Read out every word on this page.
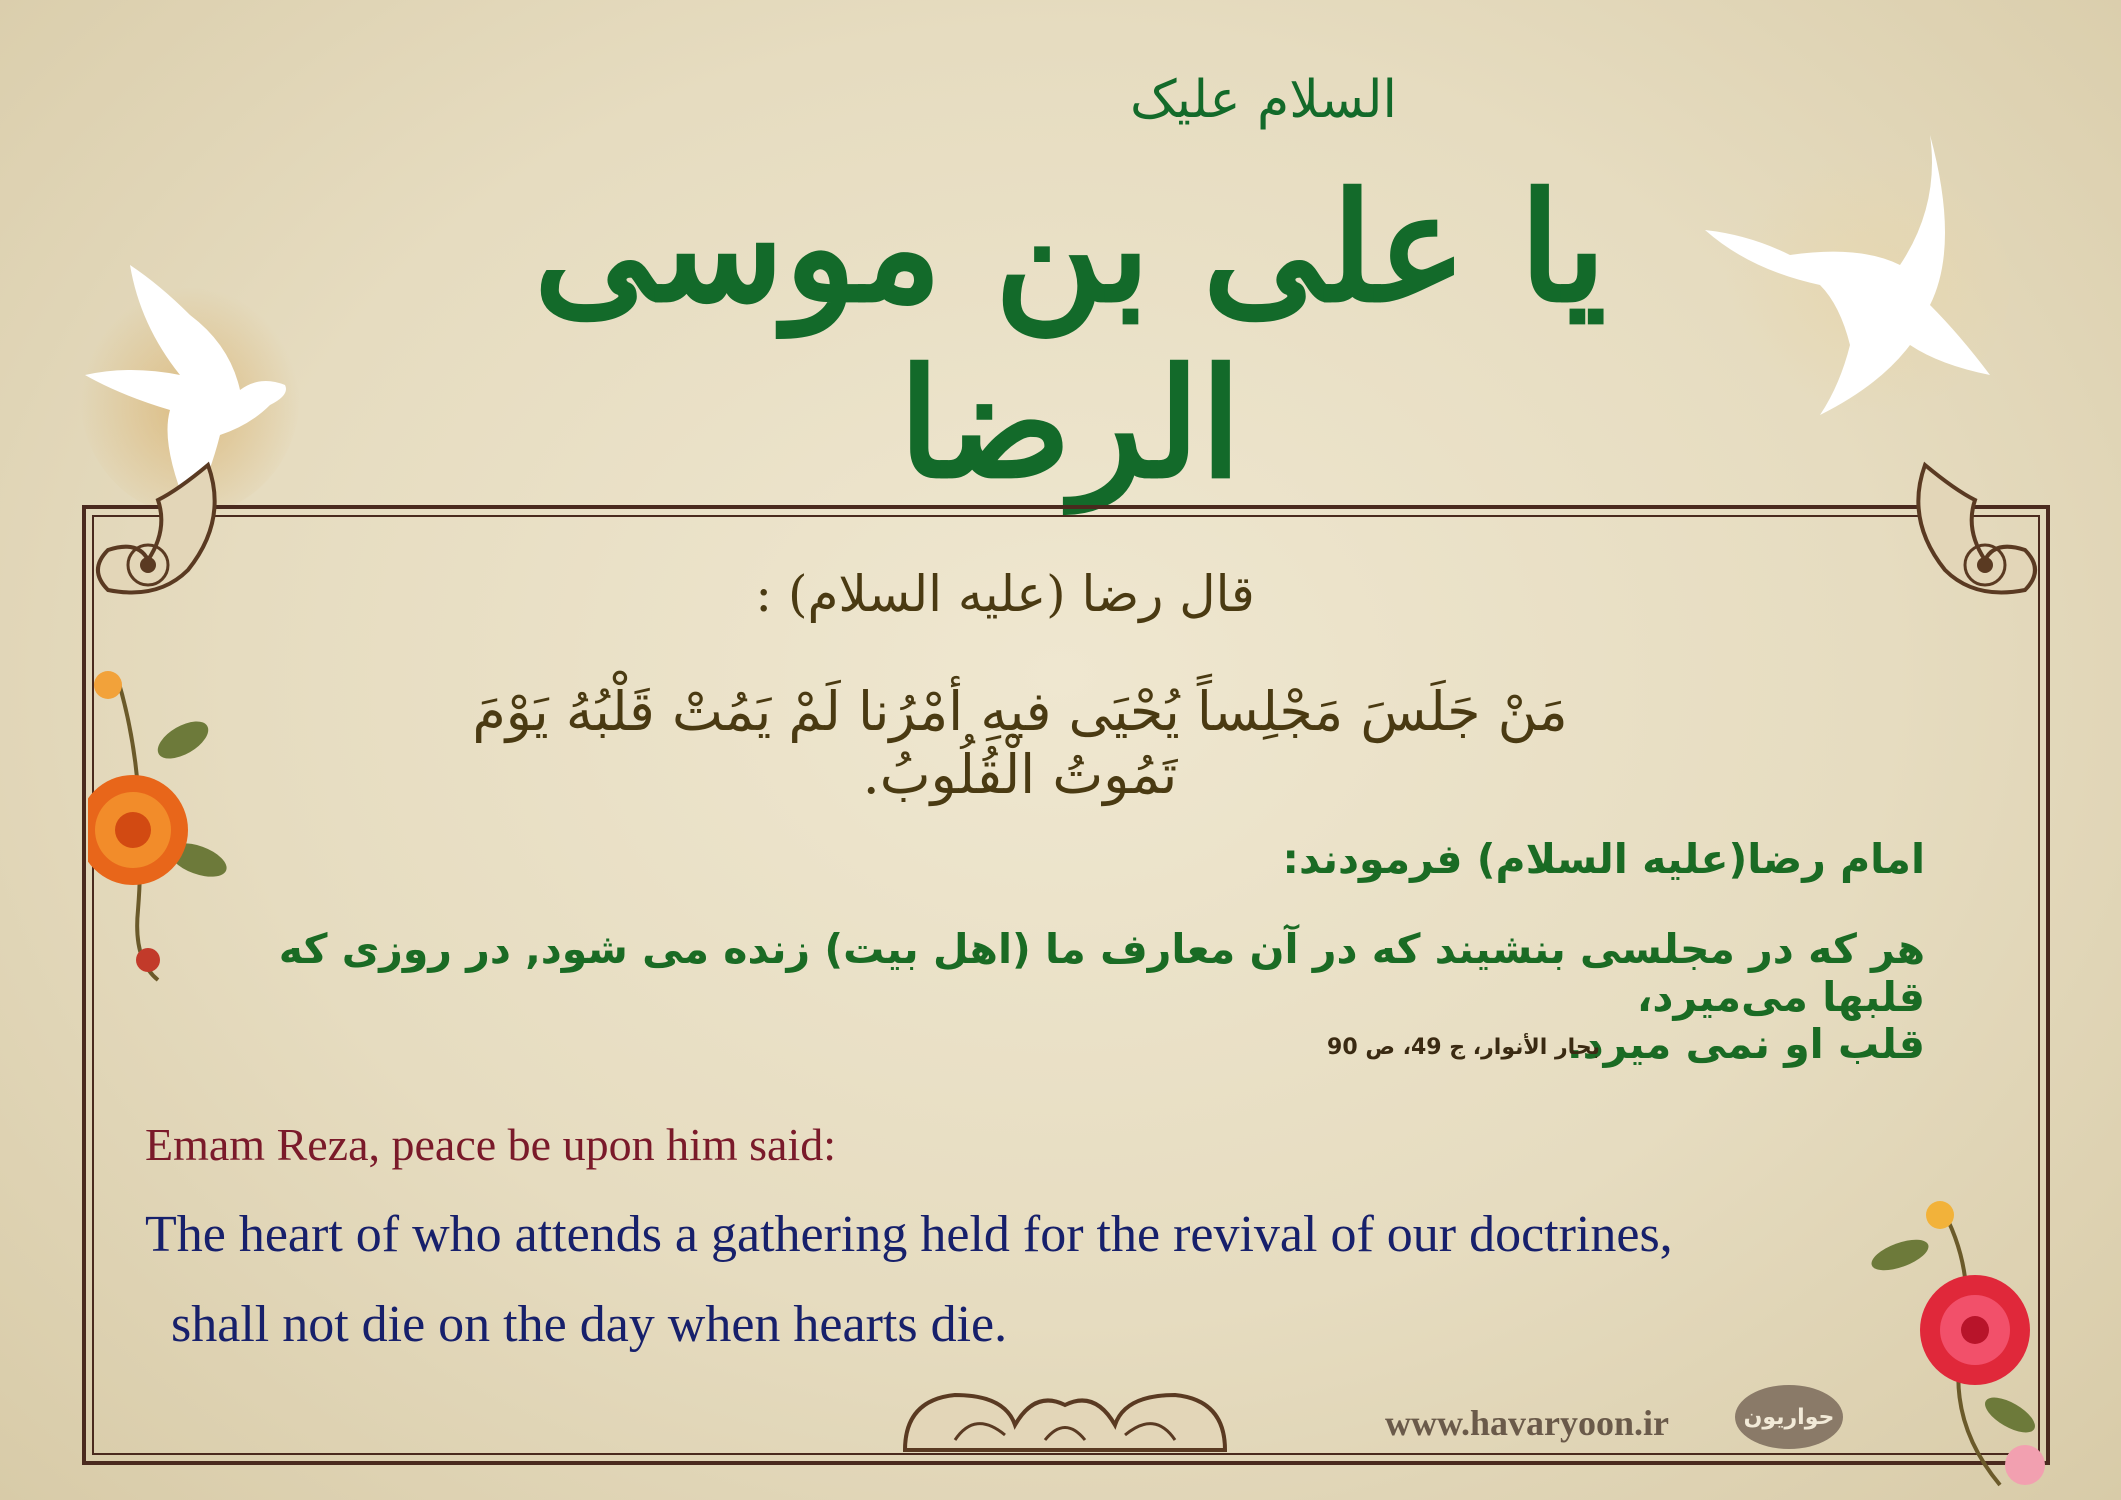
السلام علیک
یا علی بن موسی الرضا
قال رضا (علیه السلام) :
مَنْ جَلَسَ مَجْلِساً یُحْیَی فیهِ أمْرُنا لَمْ یَمُتْ قَلْبُهُ یَوْمَ تَمُوتُ الْقُلُوبُ.
امام رضا(علیه السلام) فرمودند:
هر که در مجلسی بنشیند که در آن معارف ما (اهل بیت) زنده می شود, در روزی که قلبها می‌میرد،
قلب او نمی میرد.
بحار الأنوار، ج 49، ص 90
Emam Reza, peace be upon him said:
The heart of who attends a gathering held for the revival of our doctrines,
shall not die on the day when hearts die.
www.havaryoon.ir	حواریون
